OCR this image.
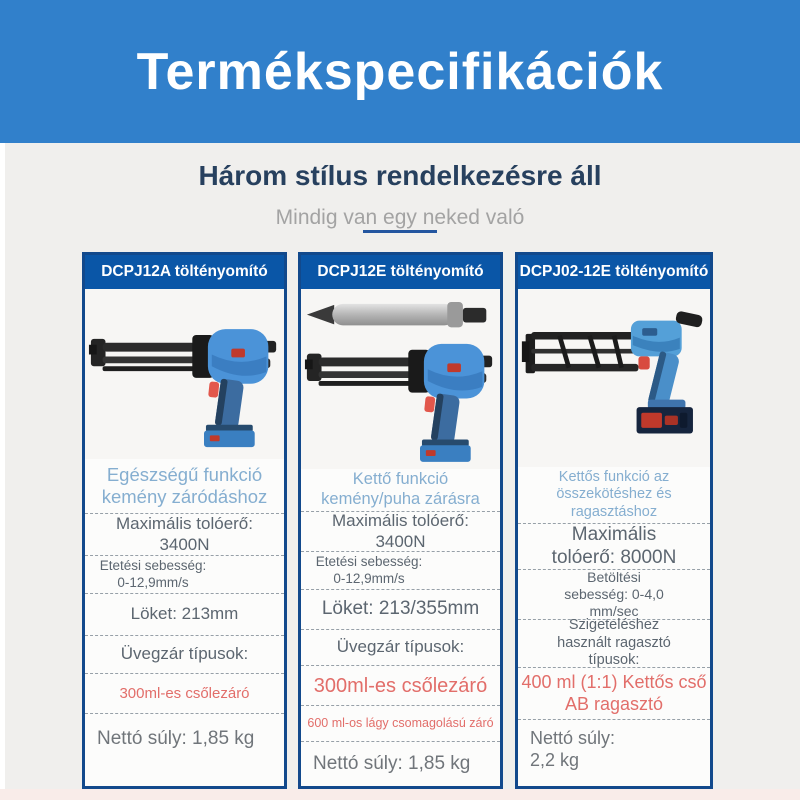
Termékspecifikációk
Három stílus rendelkezésre áll
Mindig van egy neked való
DCPJ12A töltényomító
Egészségű funkció kemény záródáshoz
Maximális tolóerő: 3400N
Etetési sebesség: 0-12,9mm/s
Löket: 213mm
Üvegzár típusok:
300ml-es csőlezáró
Nettó súly: 1,85 kg
DCPJ12E töltényomító
Kettő funkció kemény/puha zárásra
Maximális tolóerő: 3400N
Etetési sebesség: 0-12,9mm/s
Löket: 213/355mm
Üvegzár típusok:
300ml-es csőlezáró
600 ml-os lágy csomagolású záró
Nettó súly: 1,85 kg
DCPJ02-12E töltényomító
Kettős funkció az összekötéshez és ragasztáshoz
Maximális tolóerő: 8000N
Betöltési sebesség: 0-4,0 mm/sec
Szigeteléshez használt ragasztó típusok:
400 ml (1:1) Kettős cső AB ragasztó
Nettó súly: 2,2 kg
